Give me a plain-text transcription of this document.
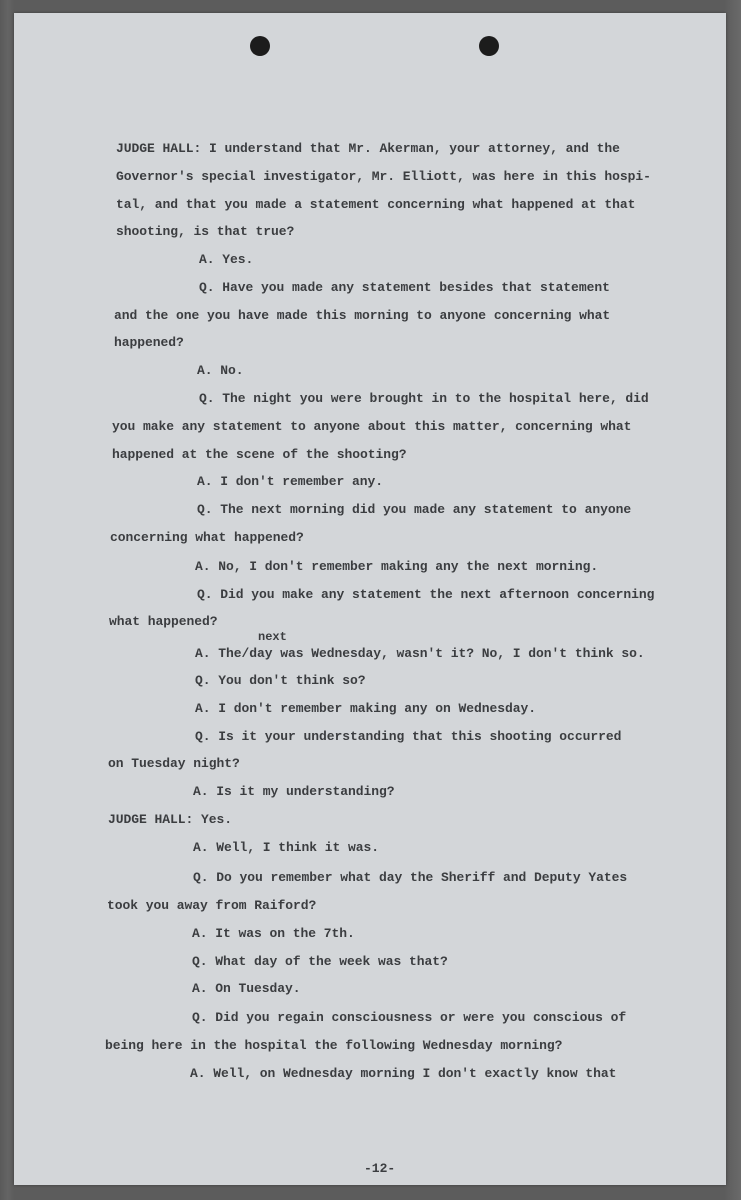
JUDGE HALL: I understand that Mr. Akerman, your attorney, and the
Governor's special investigator, Mr. Elliott, was here in this hospi-
tal, and that you made a statement concerning what happened at that
shooting, is that true?
A. Yes.
Q. Have you made any statement besides that statement
and the one you have made this morning to anyone concerning what
happened?
A. No.
Q. The night you were brought in to the hospital here, did
you make any statement to anyone about this matter, concerning what
happened at the scene of the shooting?
A. I don't remember any.
Q. The next morning did you made any statement to anyone
concerning what happened?
A. No, I don't remember making any the next morning.
Q. Did you make any statement the next afternoon concerning
what happened?
next
A. The/day was Wednesday, wasn't it? No, I don't think so.
Q. You don't think so?
A. I don't remember making any on Wednesday.
Q. Is it your understanding that this shooting occurred
on Tuesday night?
A. Is it my understanding?
JUDGE HALL: Yes.
A. Well, I think it was.
Q. Do you remember what day the Sheriff and Deputy Yates
took you away from Raiford?
A. It was on the 7th.
Q. What day of the week was that?
A. On Tuesday.
Q. Did you regain consciousness or were you conscious of
being here in the hospital the following Wednesday morning?
A. Well, on Wednesday morning I don't exactly know that
-12-
